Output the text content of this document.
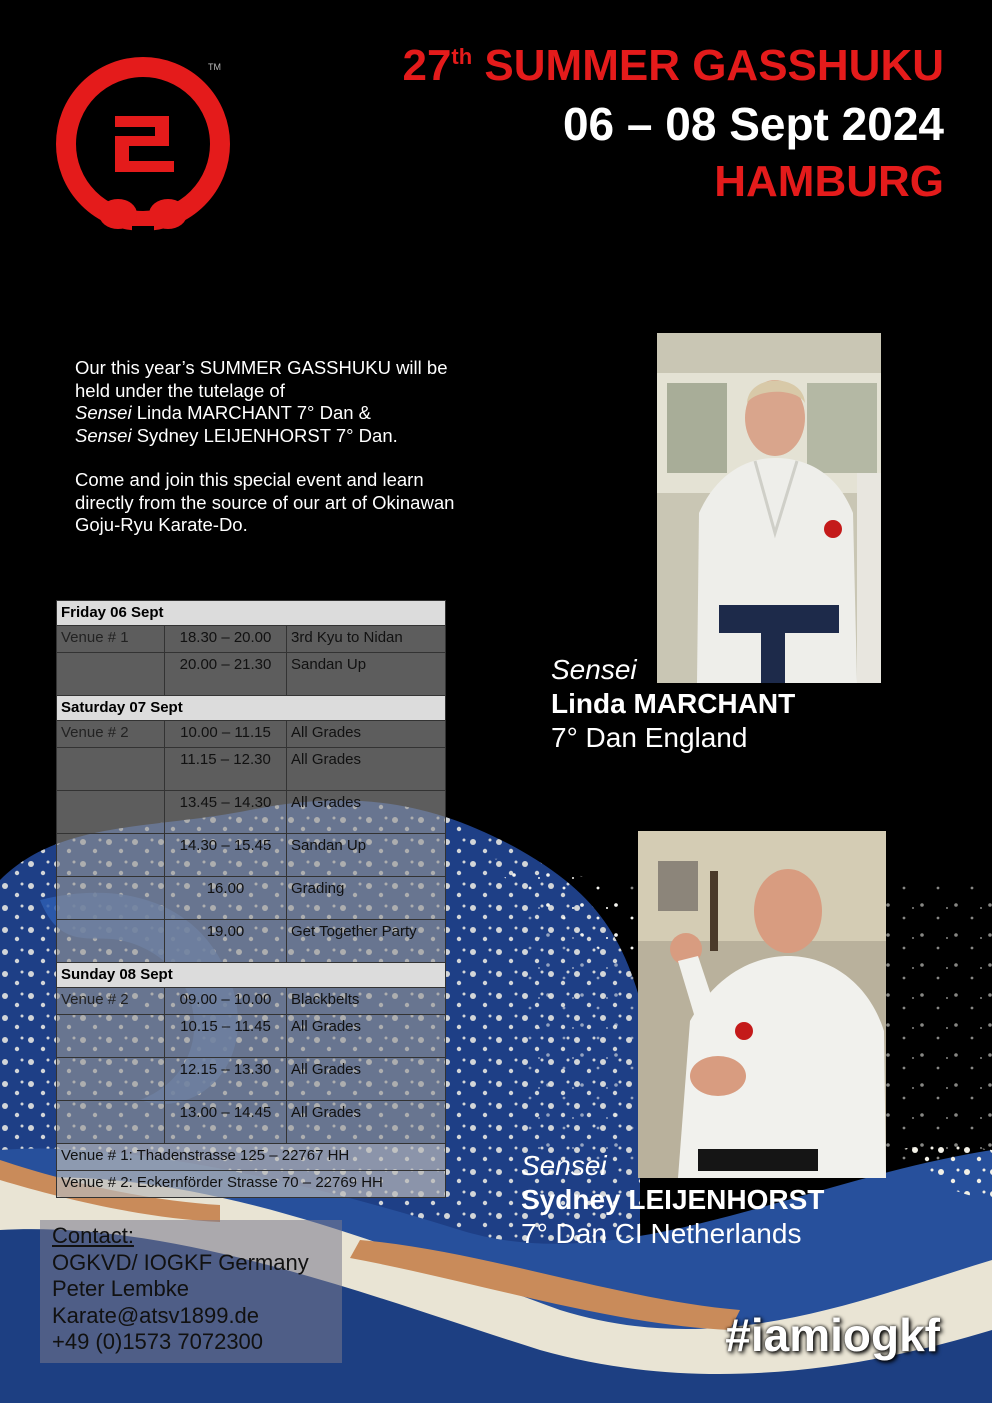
TM	27th SUMMER GASSHUKU
06 – 08 Sept 2024
HAMBURG

Our this year’s SUMMER GASSHUKU will be held under the tutelage of
Sensei Linda MARCHANT 7° Dan &
Sensei Sydney LEIJENHORST 7° Dan.

Come and join this special event and learn directly from the source of our art of Okinawan Goju-Ryu Karate-Do.

Friday 06 Sept		
Venue # 1	18.30 – 20.00	3rd Kyu to Nidan
	20.00 – 21.30	Sandan Up
Saturday 07 Sept		
Venue # 2	10.00 – 11.15	All Grades
	11.15 – 12.30	All Grades
	13.45 – 14.30	All Grades
	14.30 – 15.45	Sandan Up
	16.00	Grading
	19.00	Get Together Party
Sunday 08 Sept		
Venue # 2	09.00 – 10.00	Blackbelts
	10.15 – 11.45	All Grades
	12.15 – 13.30	All Grades
	13.00 – 14.45	All Grades
Venue # 1: Thadenstrasse 125 – 22767 HH		
Venue # 2: Eckernförder Strasse 70 – 22769 HH		
Sensei
Linda MARCHANT
7° Dan England
Sensei
Sydney LEIJENHORST
7° Dan CI Netherlands
Contact:
OGKVD/ IOGKF Germany
Peter Lembke
Karate@atsv1899.de
+49 (0)1573 7072300	#iamiogkf
